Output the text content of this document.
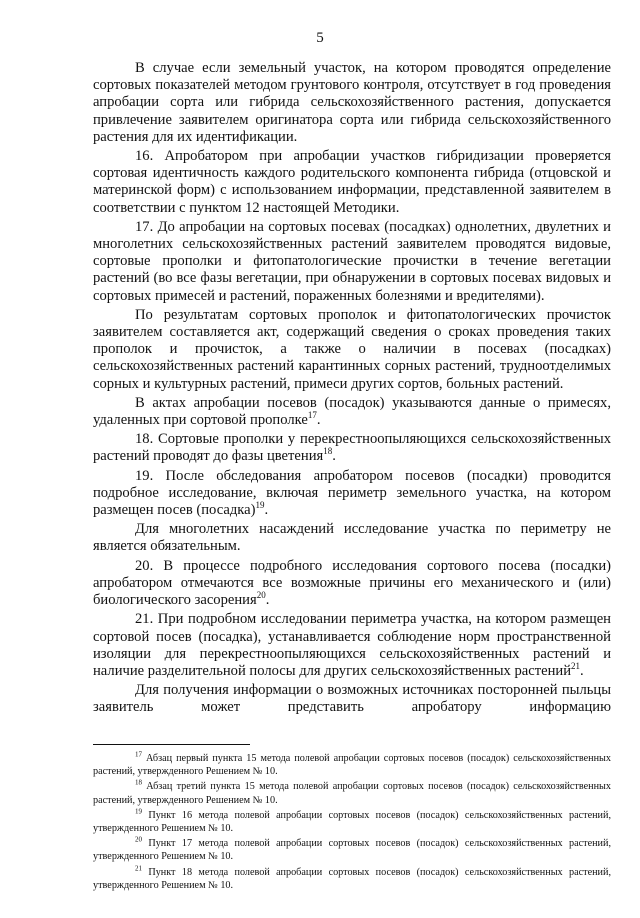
5

В случае если земельный участок, на котором проводятся определение сортовых показателей методом грунтового контроля, отсутствует в год проведения апробации сорта или гибрида сельскохозяйственного растения, допускается привлечение заявителем оригинатора сорта или гибрида сельскохозяйственного растения для их идентификации.

16. Апробатором при апробации участков гибридизации проверяется сортовая идентичность каждого родительского компонента гибрида (отцовской и материнской форм) с использованием информации, представленной заявителем в соответствии с пунктом 12 настоящей Методики.

17. До апробации на сортовых посевах (посадках) однолетних, двулетних и многолетних сельскохозяйственных растений заявителем проводятся видовые, сортовые прополки и фитопатологические прочистки в течение вегетации растений (во все фазы вегетации, при обнаружении в сортовых посевах видовых и сортовых примесей и растений, пораженных болезнями и вредителями).

По результатам сортовых прополок и фитопатологических прочисток заявителем составляется акт, содержащий сведения о сроках проведения таких прополок и прочисток, а также о наличии в посевах (посадках) сельскохозяйственных растений карантинных сорных растений, трудноотделимых сорных и культурных растений, примеси других сортов, больных растений.

В актах апробации посевов (посадок) указываются данные о примесях, удаленных при сортовой прополке$^{17}$.

18. Сортовые прополки у перекрестноопыляющихся сельскохозяйственных растений проводят до фазы цветения$^{18}$.

19. После обследования апробатором посевов (посадки) проводится подробное исследование, включая периметр земельного участка, на котором размещен посев (посадка)$^{19}$.

Для многолетних насаждений исследование участка по периметру не является обязательным.

20. В процессе подробного исследования сортового посева (посадки) апробатором отмечаются все возможные причины его механического и (или) биологического засорения$^{20}$.

21. При подробном исследовании периметра участка, на котором размещен сортовой посев (посадка), устанавливается соблюдение норм пространственной изоляции для перекрестноопыляющихся сельскохозяйственных растений и наличие разделительной полосы для других сельскохозяйственных растений$^{21}$.

Для получения информации о возможных источниках посторонней пыльцы заявитель может представить апробатору информацию

$^{17}$ Абзац первый пункта 15 метода полевой апробации сортовых посевов (посадок) сельскохозяйственных растений, утвержденного Решением № 10.

$^{18}$ Абзац третий пункта 15 метода полевой апробации сортовых посевов (посадок) сельскохозяйственных растений, утвержденного Решением № 10.

$^{19}$ Пункт 16 метода полевой апробации сортовых посевов (посадок) сельскохозяйственных растений, утвержденного Решением № 10.

$^{20}$ Пункт 17 метода полевой апробации сортовых посевов (посадок) сельскохозяйственных растений, утвержденного Решением № 10.

$^{21}$ Пункт 18 метода полевой апробации сортовых посевов (посадок) сельскохозяйственных растений, утвержденного Решением № 10.
